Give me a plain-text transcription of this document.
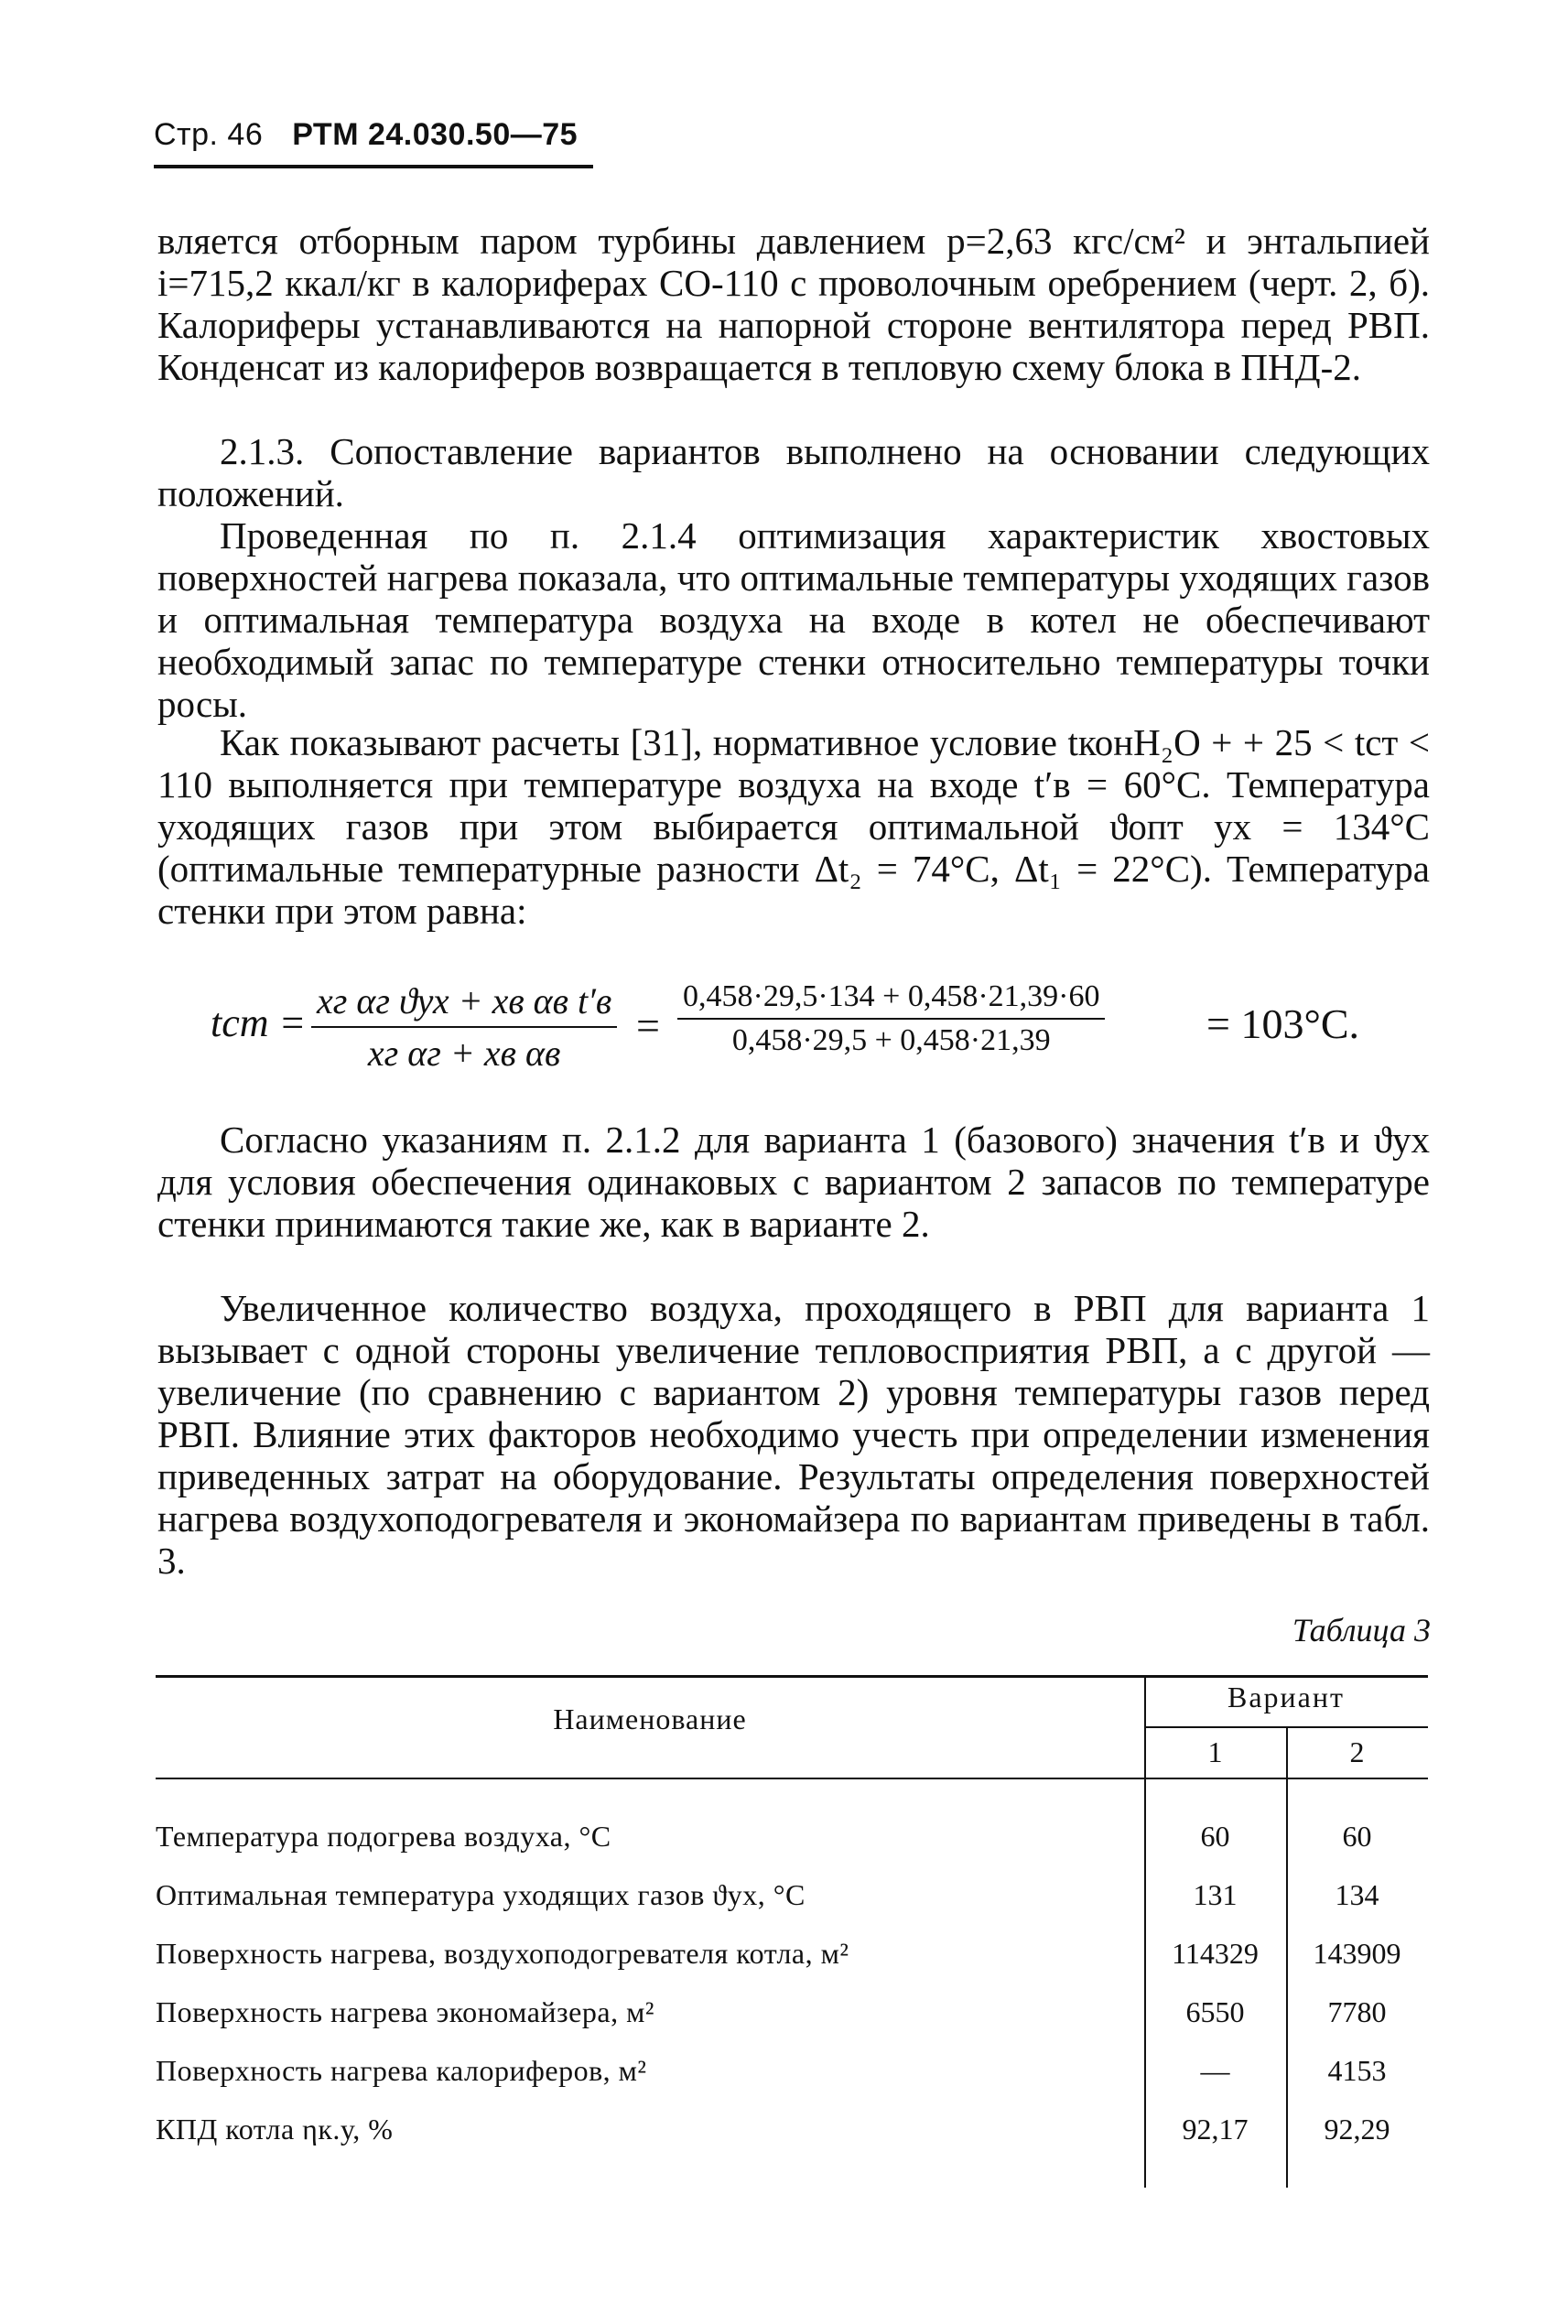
Стр. 46 РТМ 24.030.50—75
вляется отборным паром турбины давлением p=2,63 кгс/см² и энтальпией i=715,2 ккал/кг в калориферах СО-110 с проволочным оребрением (черт. 2, б). Калориферы устанавливаются на напорной стороне вентилятора перед РВП. Конденсат из калориферов возвращается в тепловую схему блока в ПНД-2.
2.1.3. Сопоставление вариантов выполнено на основании следующих положений.
Проведенная по п. 2.1.4 оптимизация характеристик хвостовых поверхностей нагрева показала, что оптимальные температуры уходящих газов и оптимальная температура воздуха на входе в котел не обеспечивают необходимый запас по температуре стенки относительно температуры точки росы.
Как показывают расчеты [31], нормативное условие tконH₂O + + 25 < tст < 110 выполняется при температуре воздуха на входе t′в = 60°С. Температура уходящих газов при этом выбирается оптимальной ϑопт ух = 134°С (оптимальные температурные разности Δt₂ = 74°С, Δt₁ = 22°С). Температура стенки при этом равна:
tст = xг αг ϑух + xв αв t′в
xг αг + xв αв
= $\frac{0,458\cdot 29,5\cdot 134 + 0,458\cdot 21,39\cdot 60}{0,458\cdot 29,5 + 0,458\cdot 21,39} = 103^\circ С$.
Согласно указаниям п. 2.1.2 для варианта 1 (базового) значения t′в и ϑух для условия обеспечения одинаковых с вариантом 2 запасов по температуре стенки принимаются такие же, как в варианте 2.
Увеличенное количество воздуха, проходящего в РВП для варианта 1 вызывает с одной стороны увеличение тепловосприятия РВП, а с другой — увеличение (по сравнению с вариантом 2) уровня температуры газов перед РВП. Влияние этих факторов необходимо учесть при определении изменения приведенных затрат на оборудование. Результаты определения поверхностей нагрева воздухоподогревателя и экономайзера по вариантам приведены в табл. 3.
Таблица 3
Наименование
Вариант
1	2
Температура подогрева воздуха, °С	60	60
Оптимальная температура уходящих газов ϑух, °С	131	134
Поверхность нагрева, воздухоподогревателя котла, м²	114329	143909
Поверхность нагрева экономайзера, м²	6550	7780
Поверхность нагрева калориферов, м²	—	4153
КПД котла ηк.у, %	92,17	92,29
